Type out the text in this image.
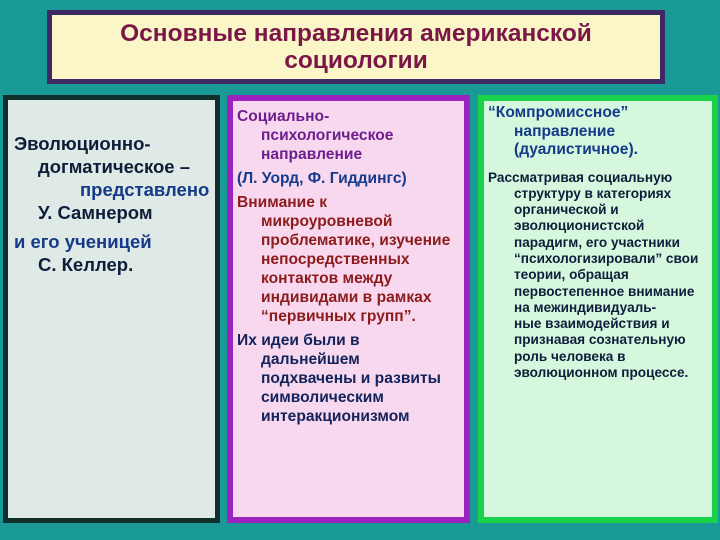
Основные направления американской
социологии
Эволюционно-догматическое –
представлено
У. Самнером
и его ученицей
С. Келлер.
Социально-психологическое направление
(Л. Уорд, Ф. Гиддингс)
Внимание к микроуровневой проблематике, изучение непосредственных контактов между индивидами в рамках “первичных групп”.
Их идеи были в дальнейшем подхвачены и развиты символическим интеракционизмом
“Компромиссное” направление (дуалистичное).
Рассматривая социальную структуру в категориях органической и эволюционистской парадигм, его участники
“психологизировали” свои теории, обращая первостепенное внимание на межиндивидуаль-
ные взаимодействия и признавая сознательную роль человека в эволюционном процессе.
